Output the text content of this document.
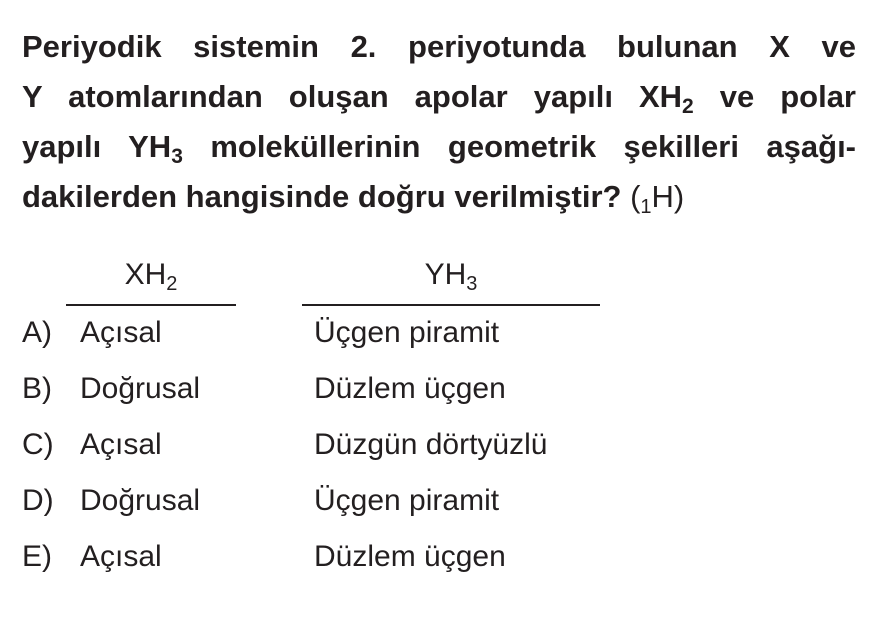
Periyodik sistemin 2. periyotunda bulunan X ve
Y atomlarından oluşan apolar yapılı $XH_2$ ve polar
yapılı $YH_3$ moleküllerinin geometrik şekilleri aşağı-
dakilerden hangisinde doğru verilmiştir? $(_1H)$
$XH_2$	$YH_3$
A) Açısal	Üçgen piramit
B) Doğrusal	Düzlem üçgen
C) Açısal	Düzgün dörtyüzlü
D) Doğrusal	Üçgen piramit
E) Açısal	Düzlem üçgen
